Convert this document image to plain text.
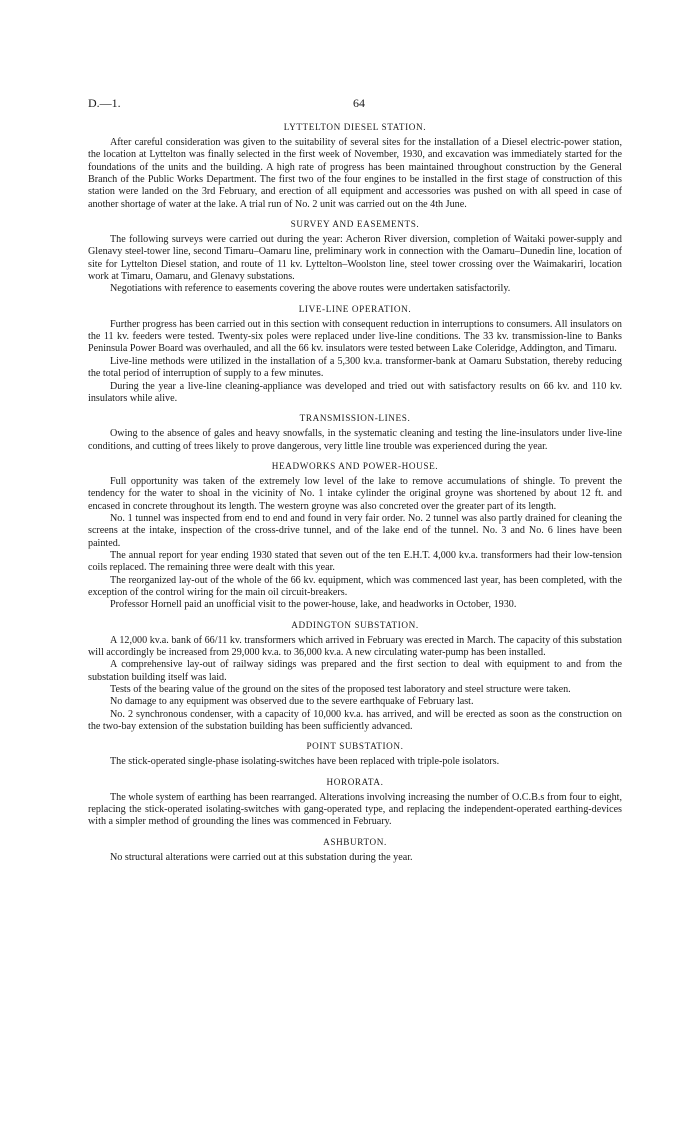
D.—1.	64
LYTTELTON DIESEL STATION.

After careful consideration was given to the suitability of several sites for the installation of a Diesel electric-power station, the location at Lyttelton was finally selected in the first week of November, 1930, and excavation was immediately started for the foundations of the units and the building. A high rate of progress has been maintained throughout construction by the General Branch of the Public Works Department. The first two of the four engines to be installed in the first stage of construction of this station were landed on the 3rd February, and erection of all equipment and accessories was pushed on with all speed in case of another shortage of water at the lake. A trial run of No. 2 unit was carried out on the 4th June.

SURVEY AND EASEMENTS.

The following surveys were carried out during the year: Acheron River diversion, completion of Waitaki power-supply and Glenavy steel-tower line, second Timaru–Oamaru line, preliminary work in connection with the Oamaru–Dunedin line, location of site for Lyttelton Diesel station, and route of 11 kv. Lyttelton–Woolston line, steel tower crossing over the Waimakariri, location work at Timaru, Oamaru, and Glenavy substations.

Negotiations with reference to easements covering the above routes were undertaken satisfactorily.

LIVE-LINE OPERATION.

Further progress has been carried out in this section with consequent reduction in interruptions to consumers. All insulators on the 11 kv. feeders were tested. Twenty-six poles were replaced under live-line conditions. The 33 kv. transmission-line to Banks Peninsula Power Board was overhauled, and all the 66 kv. insulators were tested between Lake Coleridge, Addington, and Timaru.

Live-line methods were utilized in the installation of a 5,300 kv.a. transformer-bank at Oamaru Substation, thereby reducing the total period of interruption of supply to a few minutes.

During the year a live-line cleaning-appliance was developed and tried out with satisfactory results on 66 kv. and 110 kv. insulators while alive.

TRANSMISSION-LINES.

Owing to the absence of gales and heavy snowfalls, in the systematic cleaning and testing the line-insulators under live-line conditions, and cutting of trees likely to prove dangerous, very little line trouble was experienced during the year.

HEADWORKS AND POWER-HOUSE.

Full opportunity was taken of the extremely low level of the lake to remove accumulations of shingle. To prevent the tendency for the water to shoal in the vicinity of No. 1 intake cylinder the original groyne was shortened by about 12 ft. and encased in concrete throughout its length. The western groyne was also concreted over the greater part of its length.

No. 1 tunnel was inspected from end to end and found in very fair order. No. 2 tunnel was also partly drained for cleaning the screens at the intake, inspection of the cross-drive tunnel, and of the lake end of the tunnel. No. 3 and No. 6 lines have been painted.

The annual report for year ending 1930 stated that seven out of the ten E.H.T. 4,000 kv.a. transformers had their low-tension coils replaced. The remaining three were dealt with this year.

The reorganized lay-out of the whole of the 66 kv. equipment, which was commenced last year, has been completed, with the exception of the control wiring for the main oil circuit-breakers.

Professor Hornell paid an unofficial visit to the power-house, lake, and headworks in October, 1930.

ADDINGTON SUBSTATION.

A 12,000 kv.a. bank of 66/11 kv. transformers which arrived in February was erected in March. The capacity of this substation will accordingly be increased from 29,000 kv.a. to 36,000 kv.a. A new circulating water-pump has been installed.

A comprehensive lay-out of railway sidings was prepared and the first section to deal with equipment to and from the substation building itself was laid.

Tests of the bearing value of the ground on the sites of the proposed test laboratory and steel structure were taken.

No damage to any equipment was observed due to the severe earthquake of February last.

No. 2 synchronous condenser, with a capacity of 10,000 kv.a. has arrived, and will be erected as soon as the construction on the two-bay extension of the substation building has been sufficiently advanced.

POINT SUBSTATION.

The stick-operated single-phase isolating-switches have been replaced with triple-pole isolators.

HORORATA.

The whole system of earthing has been rearranged. Alterations involving increasing the number of O.C.B.s from four to eight, replacing the stick-operated isolating-switches with gang-operated type, and replacing the independent-operated earthing-devices with a simpler method of grounding the lines was commenced in February.

ASHBURTON.

No structural alterations were carried out at this substation during the year.
